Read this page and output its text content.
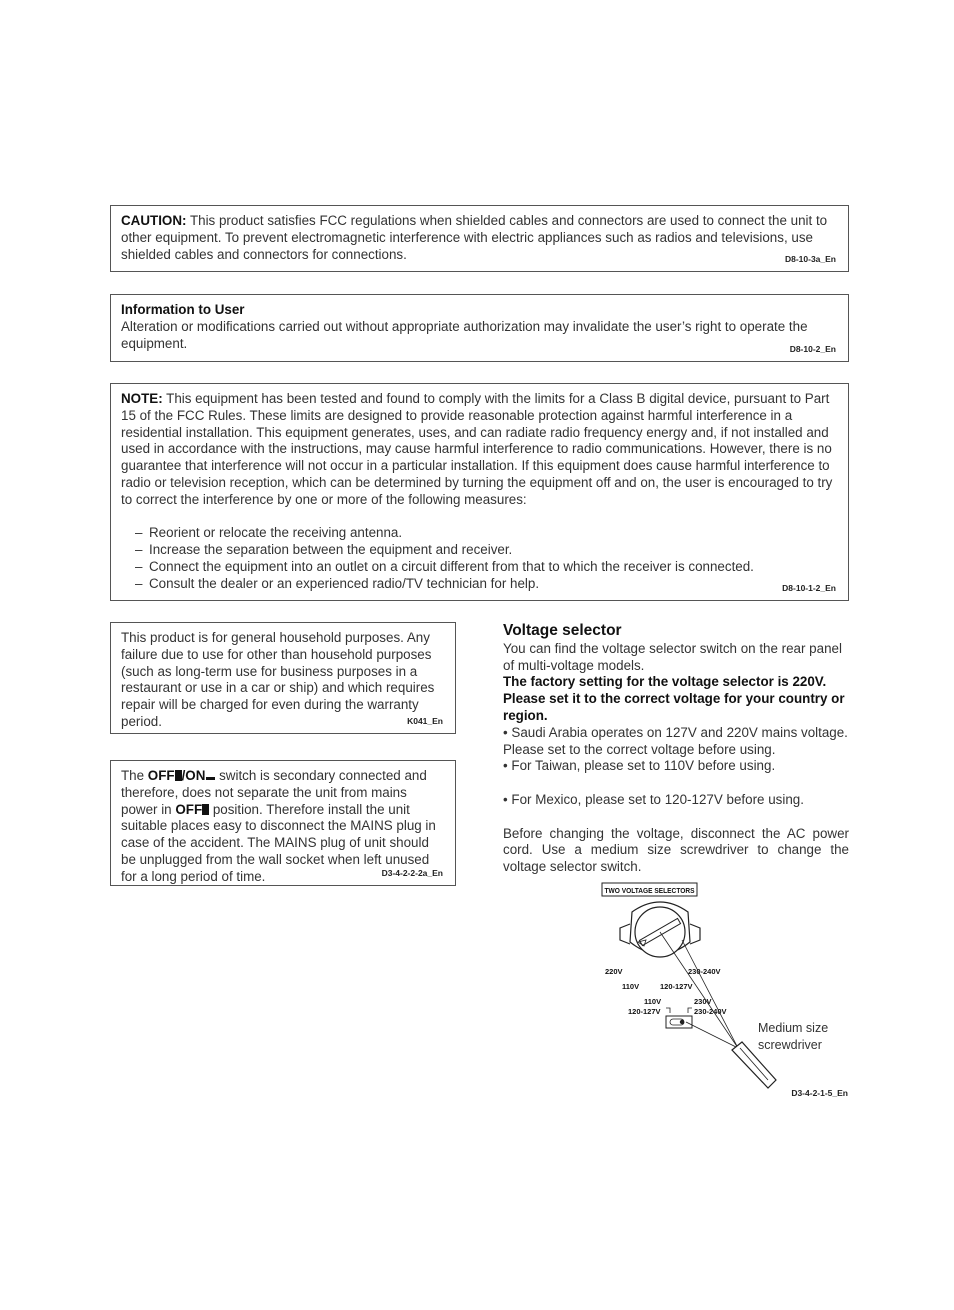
CAUTION: This product satisfies FCC regulations when shielded cables and connectors are used to connect the unit to other equipment. To prevent electromagnetic interference with electric appliances such as radios and televisions, use shielded cables and connectors for connections.	D8-10-3a_En
Information to User
Alteration or modifications carried out without appropriate authorization may invalidate the user’s right to operate the equipment.	D8-10-2_En
NOTE: This equipment has been tested and found to comply with the limits for a Class B digital device, pursuant to Part 15 of the FCC Rules. These limits are designed to provide reasonable protection against harmful interference in a residential installation. This equipment generates, uses, and can radiate radio frequency energy and, if not installed and used in accordance with the instructions, may cause harmful interference to radio communications. However, there is no guarantee that interference will not occur in a particular installation. If this equipment does cause harmful interference to radio or television reception, which can be determined by turning the equipment off and on, the user is encouraged to try to correct the interference by one or more of the following measures:
– Reorient or relocate the receiving antenna.
– Increase the separation between the equipment and receiver.
– Connect the equipment into an outlet on a circuit different from that to which the receiver is connected.
– Consult the dealer or an experienced radio/TV technician for help.	D8-10-1-2_En
This product is for general household purposes. Any failure due to use for other than household purposes (such as long-term use for business purposes in a restaurant or use in a car or ship) and which requires repair will be charged for even during the warranty period.	K041_En
The OFF /ON switch is secondary connected and therefore, does not separate the unit from mains power in OFF position. Therefore install the unit suitable places easy to disconnect the MAINS plug in case of the accident. The MAINS plug of unit should be unplugged from the wall socket when left unused for a long period of time.	D3-4-2-2-2a_En
Voltage selector

You can find the voltage selector switch on the rear panel of multi-voltage models.

The factory setting for the voltage selector is 220V. Please set it to the correct voltage for your country or region.

• Saudi Arabia operates on 127V and 220V mains voltage. Please set to the correct voltage before using.

• For Taiwan, please set to 110V before using.

• For Mexico, please set to 120-127V before using.

Before changing the voltage, disconnect the AC power cord. Use a medium size screwdriver to change the voltage selector switch.

TWO VOLTAGE SELECTORS
220V
110V	120-127V
230-240V
110V	230V
120-127V	230-240V
Medium size
screwdriver
D3-4-2-1-5_En
